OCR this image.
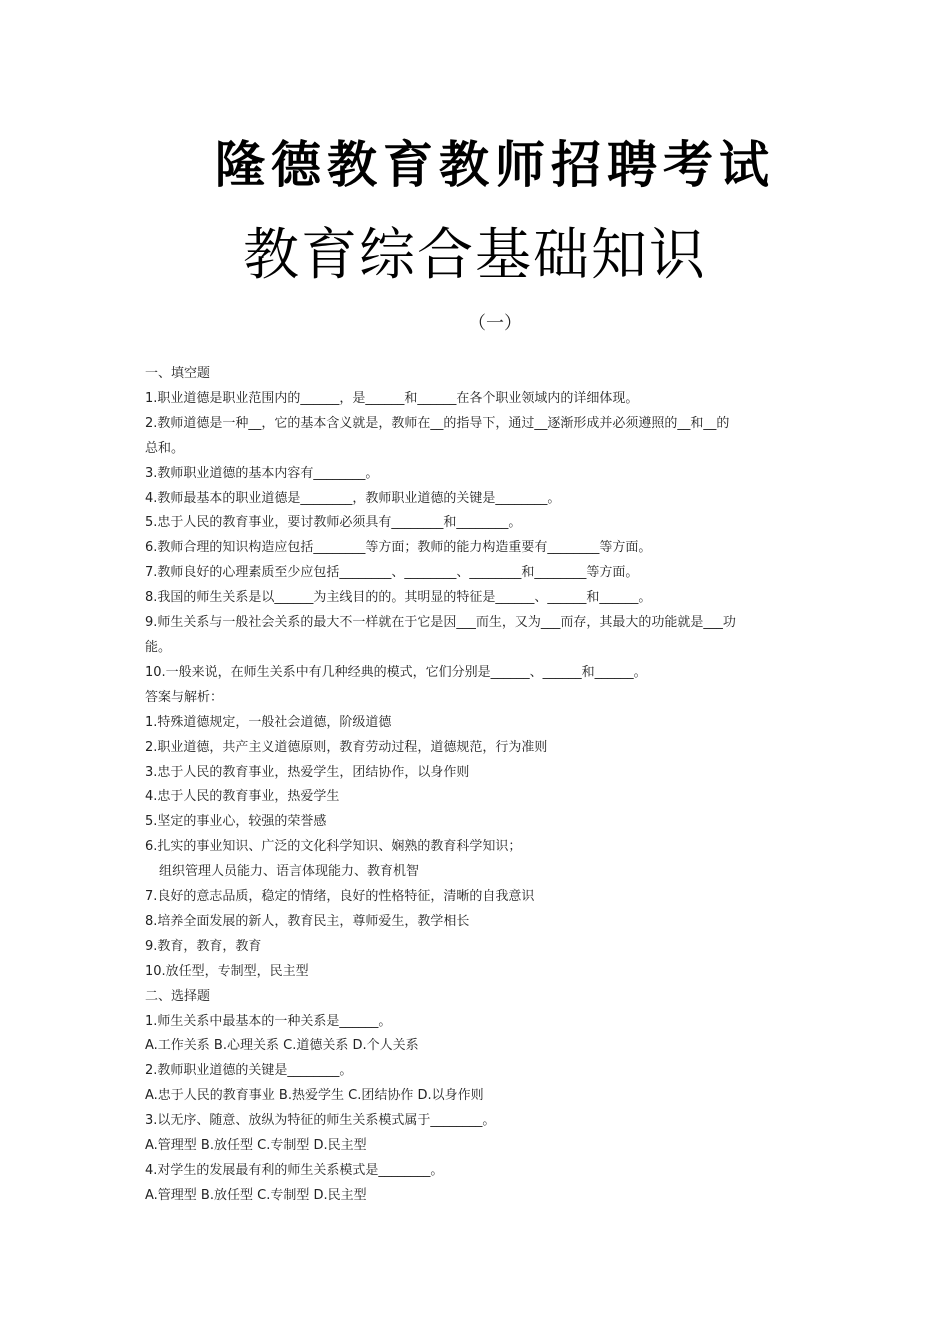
隆德教育教师招聘考试
教育综合基础知识
（一）
一、填空题
1.职业道德是职业范围内的______，是______和______在各个职业领域内的详细体现。
2.教师道德是一种__，它的基本含义就是，教师在__的指导下，通过__逐渐形成并必须遵照的__和__的
总和。
3.教师职业道德的基本内容有________。
4.教师最基本的职业道德是________，教师职业道德的关键是________。
5.忠于人民的教育事业，要讨教师必须具有________和________。
6.教师合理的知识构造应包括________等方面；教师的能力构造重要有________等方面。
7.教师良好的心理素质至少应包括________、________、________和________等方面。
8.我国的师生关系是以______为主线目的的。其明显的特征是______、______和______。
9.师生关系与一般社会关系的最大不一样就在于它是因___而生，又为___而存，其最大的功能就是___功
能。
10.一般来说，在师生关系中有几种经典的模式，它们分别是______、______和______。
答案与解析：
1.特殊道德规定，一般社会道德，阶级道德
2.职业道德，共产主义道德原则，教育劳动过程，道德规范，行为准则
3.忠于人民的教育事业，热爱学生，团结协作，以身作则
4.忠于人民的教育事业，热爱学生
5.坚定的事业心，较强的荣誉感
6.扎实的事业知识、广泛的文化科学知识、娴熟的教育科学知识；
组织管理人员能力、语言体现能力、教育机智
7.良好的意志品质，稳定的情绪，良好的性格特征，清晰的自我意识
8.培养全面发展的新人，教育民主，尊师爱生，教学相长
9.教育，教育，教育
10.放任型，专制型，民主型
二、选择题
1.师生关系中最基本的一种关系是______。
A.工作关系 B.心理关系 C.道德关系 D.个人关系
2.教师职业道德的关键是________。
A.忠于人民的教育事业 B.热爱学生 C.团结协作 D.以身作则
3.以无序、随意、放纵为特征的师生关系模式属于________。
A.管理型 B.放任型 C.专制型 D.民主型
4.对学生的发展最有利的师生关系模式是________。
A.管理型 B.放任型 C.专制型 D.民主型
